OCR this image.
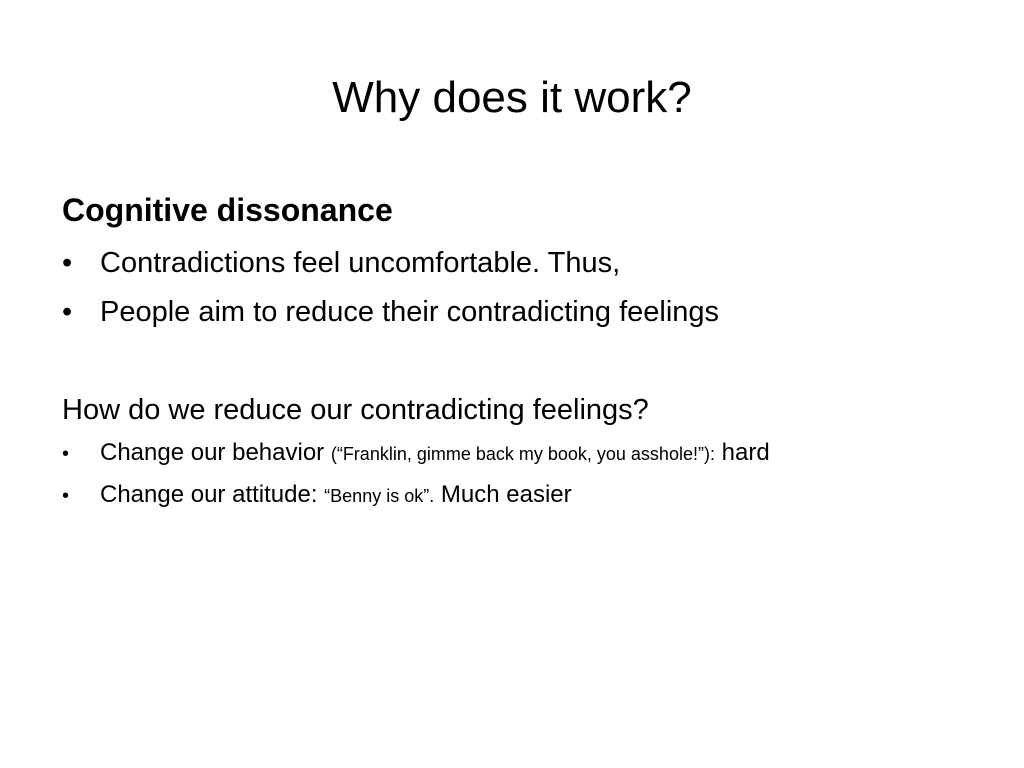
Why does it work?
Cognitive dissonance
• Contradictions feel uncomfortable. Thus,
• People aim to reduce their contradicting feelings
How do we reduce our contradicting feelings?
•	Change our behavior
(“Franklin, gimme back my book, you asshole!”):
hard
•	Change our attitude:
“Benny is ok”.
Much easier
